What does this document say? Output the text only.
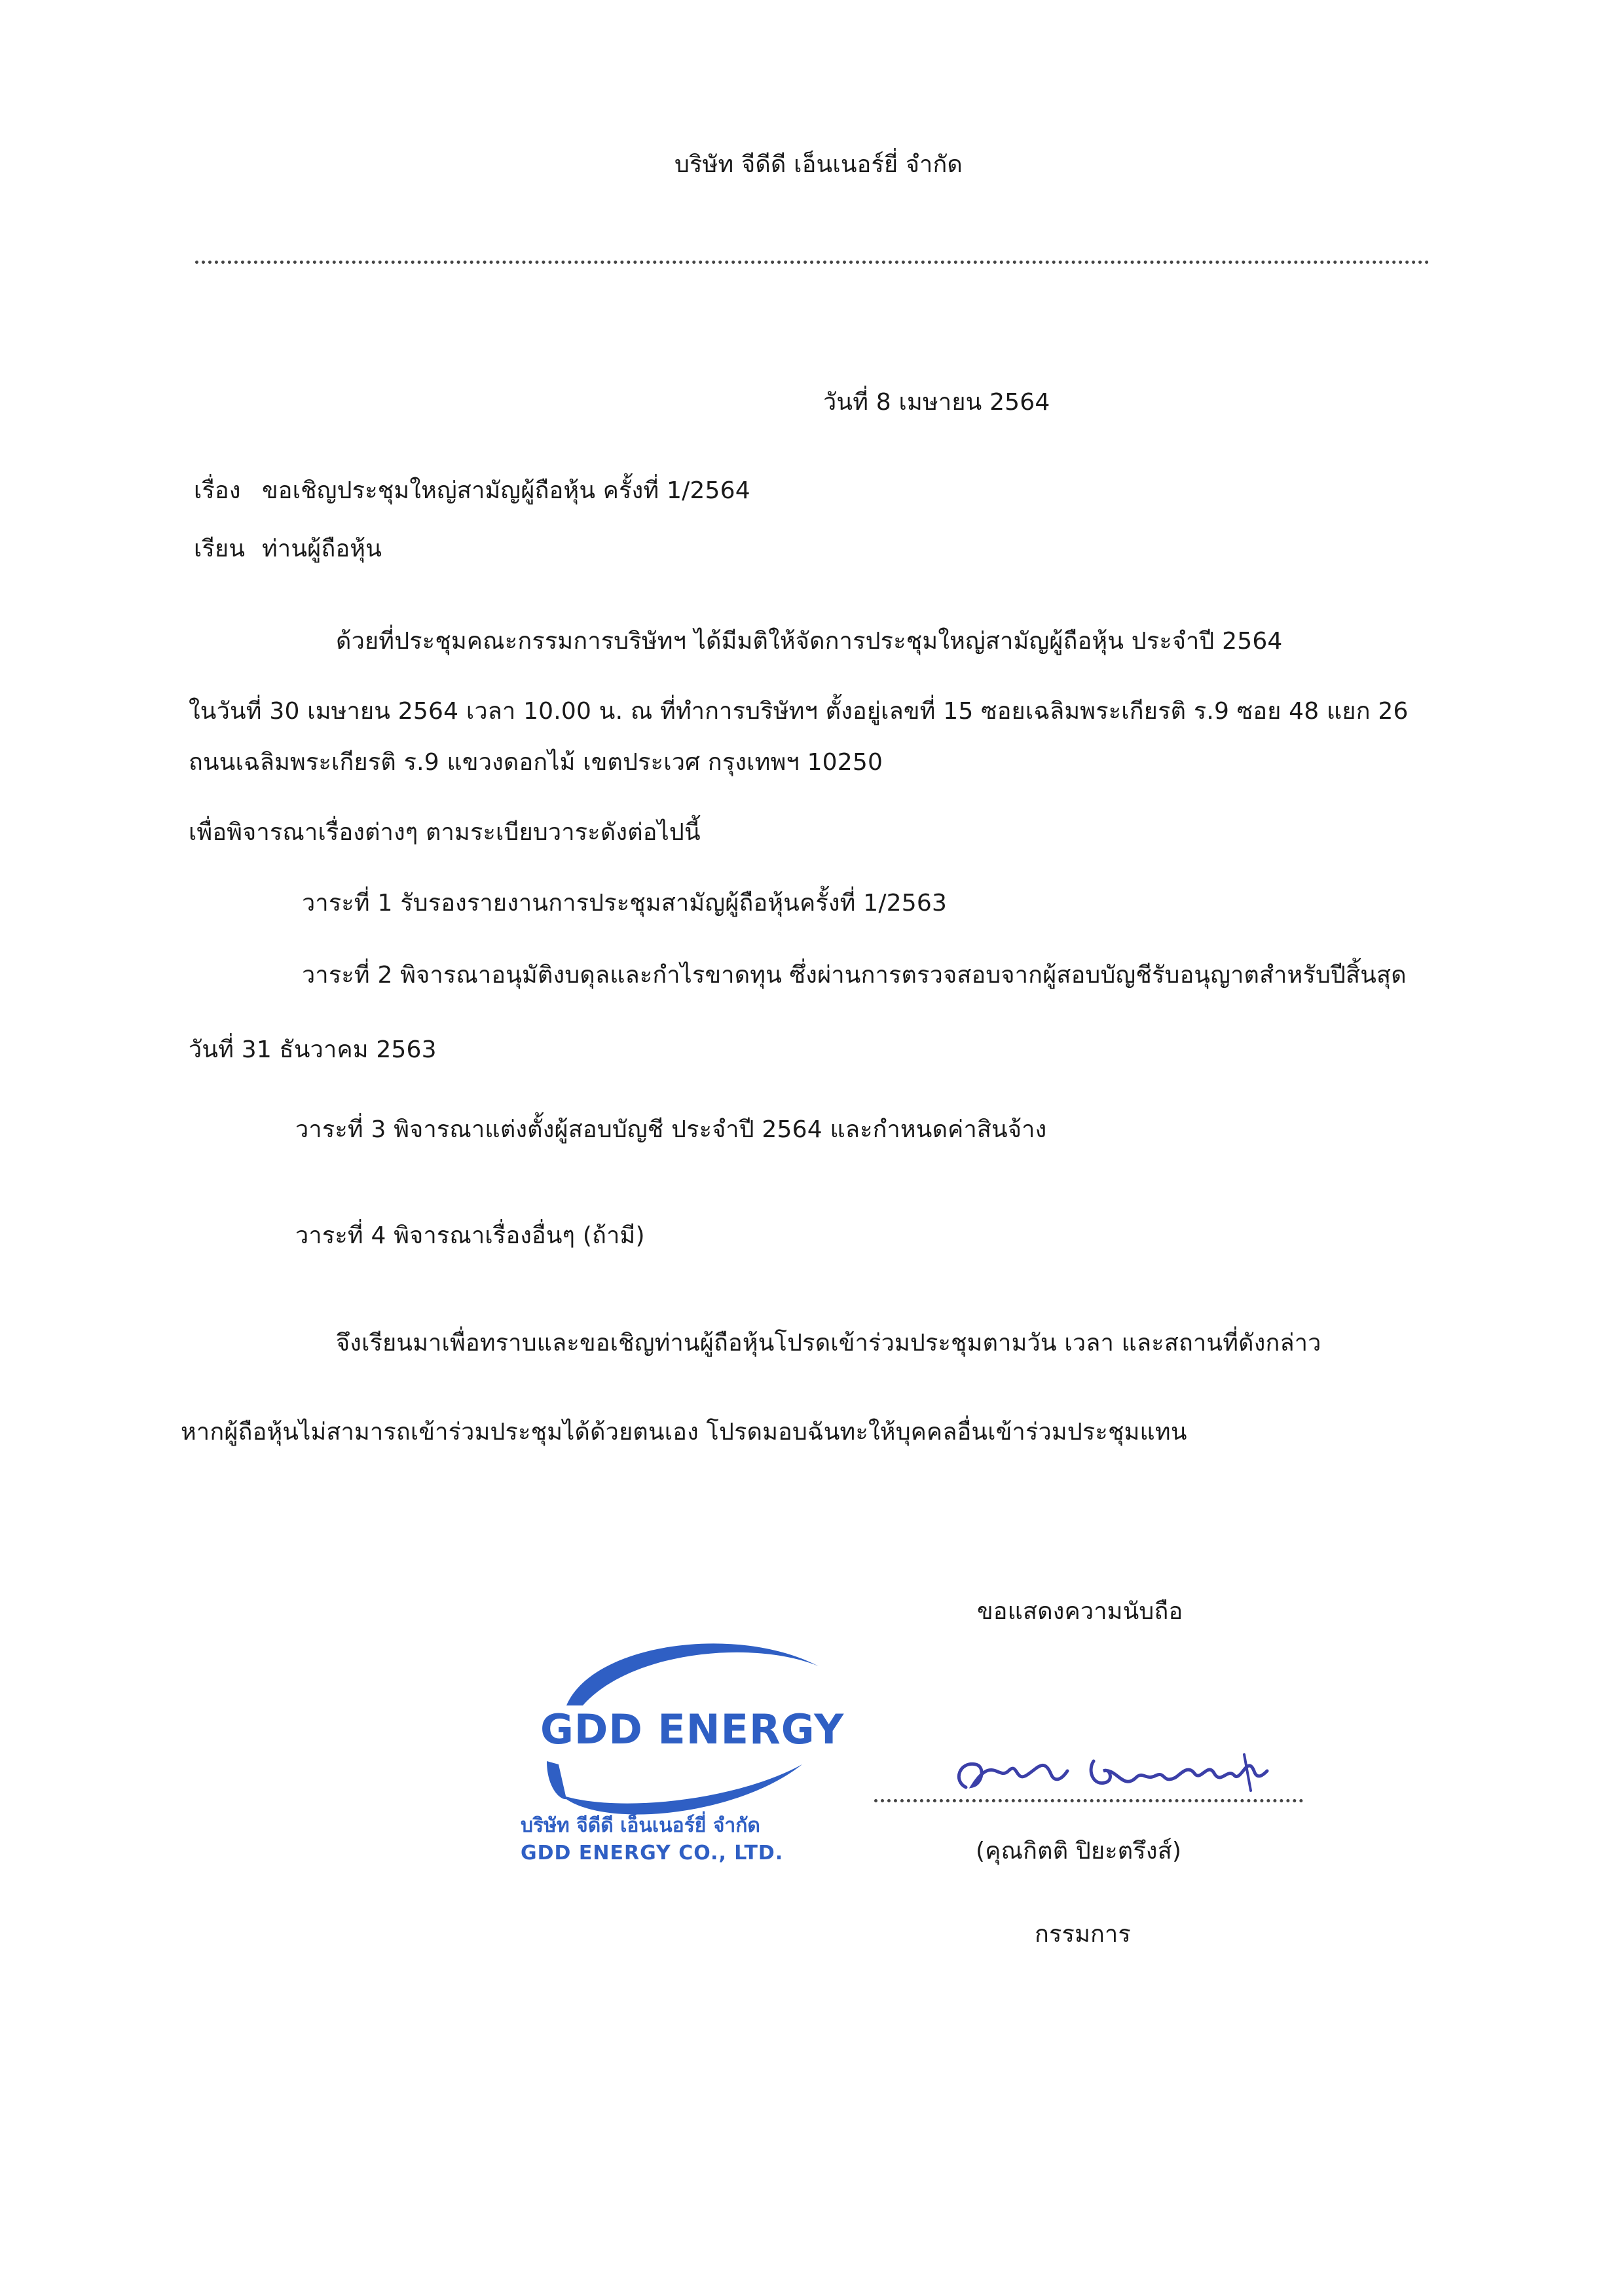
บริษัท จีดีดี เอ็นเนอร์ยี่ จำกัด
วันที่ 8 เมษายน 2564
เรื่อง ขอเชิญประชุมใหญ่สามัญผู้ถือหุ้น ครั้งที่ 1/2564
เรียน ท่านผู้ถือหุ้น
ด้วยที่ประชุมคณะกรรมการบริษัทฯ ได้มีมติให้จัดการประชุมใหญ่สามัญผู้ถือหุ้น ประจำปี 2564
ในวันที่ 30 เมษายน 2564 เวลา 10.00 น. ณ ที่ทำการบริษัทฯ ตั้งอยู่เลขที่ 15 ซอยเฉลิมพระเกียรติ ร.9 ซอย 48 แยก 26
ถนนเฉลิมพระเกียรติ ร.9 แขวงดอกไม้ เขตประเวศ กรุงเทพฯ 10250
เพื่อพิจารณาเรื่องต่างๆ ตามระเบียบวาระดังต่อไปนี้
วาระที่ 1 รับรองรายงานการประชุมสามัญผู้ถือหุ้นครั้งที่ 1/2563
วาระที่ 2 พิจารณาอนุมัติงบดุลและกำไรขาดทุน ซึ่งผ่านการตรวจสอบจากผู้สอบบัญชีรับอนุญาตสำหรับปีสิ้นสุด
วันที่ 31 ธันวาคม 2563
วาระที่ 3 พิจารณาแต่งตั้งผู้สอบบัญชี ประจำปี 2564 และกำหนดค่าสินจ้าง
วาระที่ 4 พิจารณาเรื่องอื่นๆ (ถ้ามี)
จึงเรียนมาเพื่อทราบและขอเชิญท่านผู้ถือหุ้นโปรดเข้าร่วมประชุมตามวัน เวลา และสถานที่ดังกล่าว
หากผู้ถือหุ้นไม่สามารถเข้าร่วมประชุมได้ด้วยตนเอง โปรดมอบฉันทะให้บุคคลอื่นเข้าร่วมประชุมแทน
ขอแสดงความนับถือ
GDD ENERGY
บริษัท จีดีดี เอ็นเนอร์ยี่ จำกัด
GDD ENERGY CO., LTD.	(คุณกิตติ ปิยะตรึงส์)
กรรมการ
